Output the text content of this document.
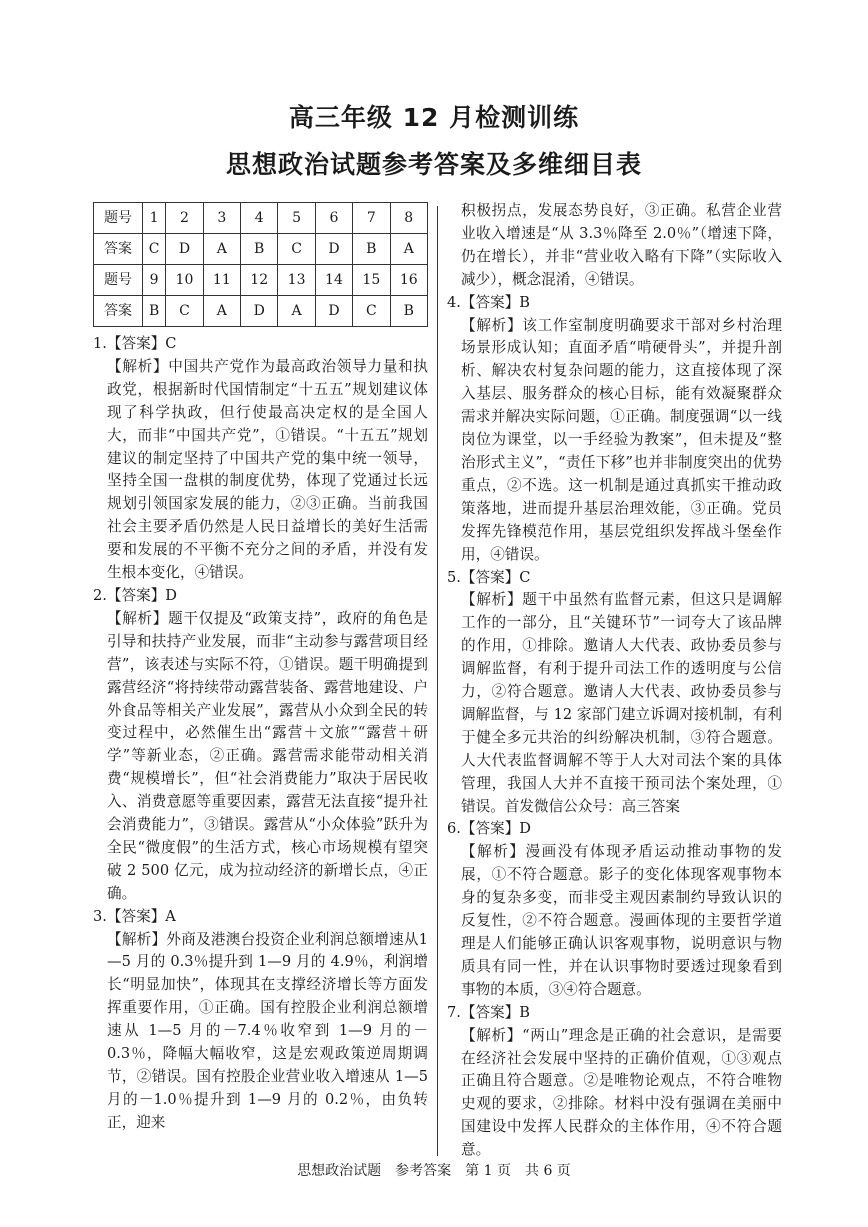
高三年级 12 月检测训练
思想政治试题参考答案及多维细目表
题号	1	2	3	4	5	6	7	8
答案	C	D	A	B	C	D	B	A
题号	9	10	11	12	13	14	15	16
答案	B	C	A	D	A	D	C	B
1.【答案】C
【解析】中国共产党作为最高政治领导力量和执政党，根据新时代国情制定“十五五”规划建议体现了科学执政，但行使最高决定权的是全国人大，而非“中国共产党”，①错误。“十五五”规划建议的制定坚持了中国共产党的集中统一领导，坚持全国一盘棋的制度优势，体现了党通过长远规划引领国家发展的能力，②③正确。当前我国社会主要矛盾仍然是人民日益增长的美好生活需要和发展的不平衡不充分之间的矛盾，并没有发生根本变化，④错误。
2.【答案】D
【解析】题干仅提及“政策支持”，政府的角色是引导和扶持产业发展，而非“主动参与露营项目经营”，该表述与实际不符，①错误。题干明确提到露营经济“将持续带动露营装备、露营地建设、户外食品等相关产业发展”，露营从小众到全民的转变过程中，必然催生出“露营＋文旅”“露营＋研学”等新业态，②正确。露营需求能带动相关消费“规模增长”，但“社会消费能力”取决于居民收入、消费意愿等重要因素，露营无法直接“提升社会消费能力”，③错误。露营从“小众体验”跃升为全民“微度假”的生活方式，核心市场规模有望突破 2 500 亿元，成为拉动经济的新增长点，④正确。
3.【答案】A
【解析】外商及港澳台投资企业利润总额增速从1—5 月的 0.3％提升到 1—9 月的 4.9％，利润增长“明显加快”，体现其在支撑经济增长等方面发挥重要作用，①正确。国有控股企业利润总额增速从 1—5 月的－7.4％收窄到 1—9 月的－0.3％，降幅大幅收窄，这是宏观政策逆周期调节，②错误。国有控股企业营业收入增速从 1—5 月的－1.0％提升到 1—9 月的 0.2％，由负转正，迎来
积极拐点，发展态势良好，③正确。私营企业营业收入增速是“从 3.3％降至 2.0％”（增速下降，仍在增长），并非“营业收入略有下降”（实际收入减少），概念混淆，④错误。
4.【答案】B
【解析】该工作室制度明确要求干部对乡村治理场景形成认知；直面矛盾“啃硬骨头”，并提升剖析、解决农村复杂问题的能力，这直接体现了深入基层、服务群众的核心目标，能有效凝聚群众需求并解决实际问题，①正确。制度强调“以一线岗位为课堂，以一手经验为教案”，但未提及“整治形式主义”，“责任下移”也并非制度突出的优势重点，②不选。这一机制是通过真抓实干推动政策落地，进而提升基层治理效能，③正确。党员发挥先锋模范作用，基层党组织发挥战斗堡垒作用，④错误。
5.【答案】C
【解析】题干中虽然有监督元素，但这只是调解工作的一部分，且“关键环节”一词夸大了该品牌的作用，①排除。邀请人大代表、政协委员参与调解监督，有利于提升司法工作的透明度与公信力，②符合题意。邀请人大代表、政协委员参与调解监督，与 12 家部门建立诉调对接机制，有利于健全多元共治的纠纷解决机制，③符合题意。人大代表监督调解不等于人大对司法个案的具体管理，我国人大并不直接干预司法个案处理，①错误。首发微信公众号：高三答案
6.【答案】D
【解析】漫画没有体现矛盾运动推动事物的发展，①不符合题意。影子的变化体现客观事物本身的复杂多变，而非受主观因素制约导致认识的反复性，②不符合题意。漫画体现的主要哲学道理是人们能够正确认识客观事物，说明意识与物质具有同一性，并在认识事物时要透过现象看到事物的本质，③④符合题意。
7.【答案】B
【解析】“两山”理念是正确的社会意识，是需要在经济社会发展中坚持的正确价值观，①③观点正确且符合题意。②是唯物论观点，不符合唯物史观的要求，②排除。材料中没有强调在美丽中国建设中发挥人民群众的主体作用，④不符合题意。
思想政治试题　参考答案　第 1 页　共 6 页
